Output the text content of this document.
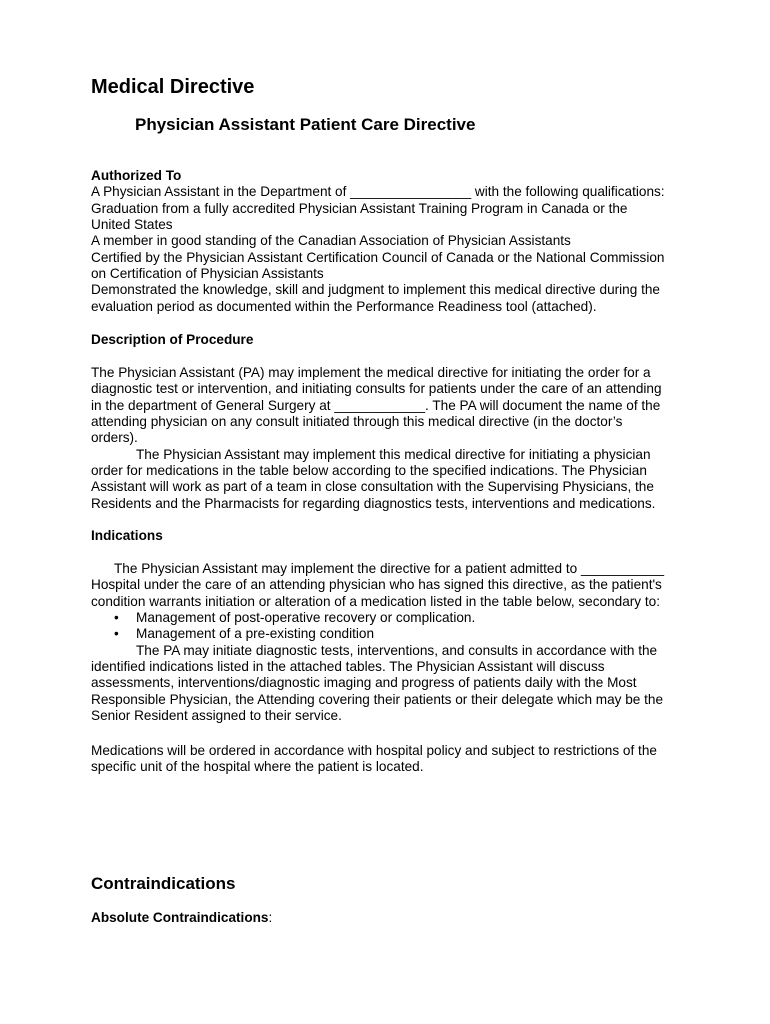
Medical Directive
Physician Assistant Patient Care Directive
Authorized To
A Physician Assistant in the Department of ________________ with the following qualifications:
Graduation from a fully accredited Physician Assistant Training Program in Canada or the
United States
A member in good standing of the Canadian Association of Physician Assistants
Certified by the Physician Assistant Certification Council of Canada or the National Commission
on Certification of Physician Assistants
Demonstrated the knowledge, skill and judgment to implement this medical directive during the
evaluation period as documented within the Performance Readiness tool (attached).
Description of Procedure
The Physician Assistant (PA) may implement the medical directive for initiating the order for a
diagnostic test or intervention, and initiating consults for patients under the care of an attending
in the department of General Surgery at ____________. The PA will document the name of the
attending physician on any consult initiated through this medical directive (in the doctor’s
orders).
The Physician Assistant may implement this medical directive for initiating a physician
order for medications in the table below according to the specified indications. The Physician
Assistant will work as part of a team in close consultation with the Supervising Physicians, the
Residents and the Pharmacists for regarding diagnostics tests, interventions and medications.
Indications
The Physician Assistant may implement the directive for a patient admitted to ___________
Hospital under the care of an attending physician who has signed this directive, as the patient's
condition warrants initiation or alteration of a medication listed in the table below, secondary to:
• Management of post-operative recovery or complication.
• Management of a pre-existing condition
The PA may initiate diagnostic tests, interventions, and consults in accordance with the
identified indications listed in the attached tables. The Physician Assistant will discuss
assessments, interventions/diagnostic imaging and progress of patients daily with the Most
Responsible Physician, the Attending covering their patients or their delegate which may be the
Senior Resident assigned to their service.
Medications will be ordered in accordance with hospital policy and subject to restrictions of the
specific unit of the hospital where the patient is located.
Contraindications

Absolute Contraindications:
